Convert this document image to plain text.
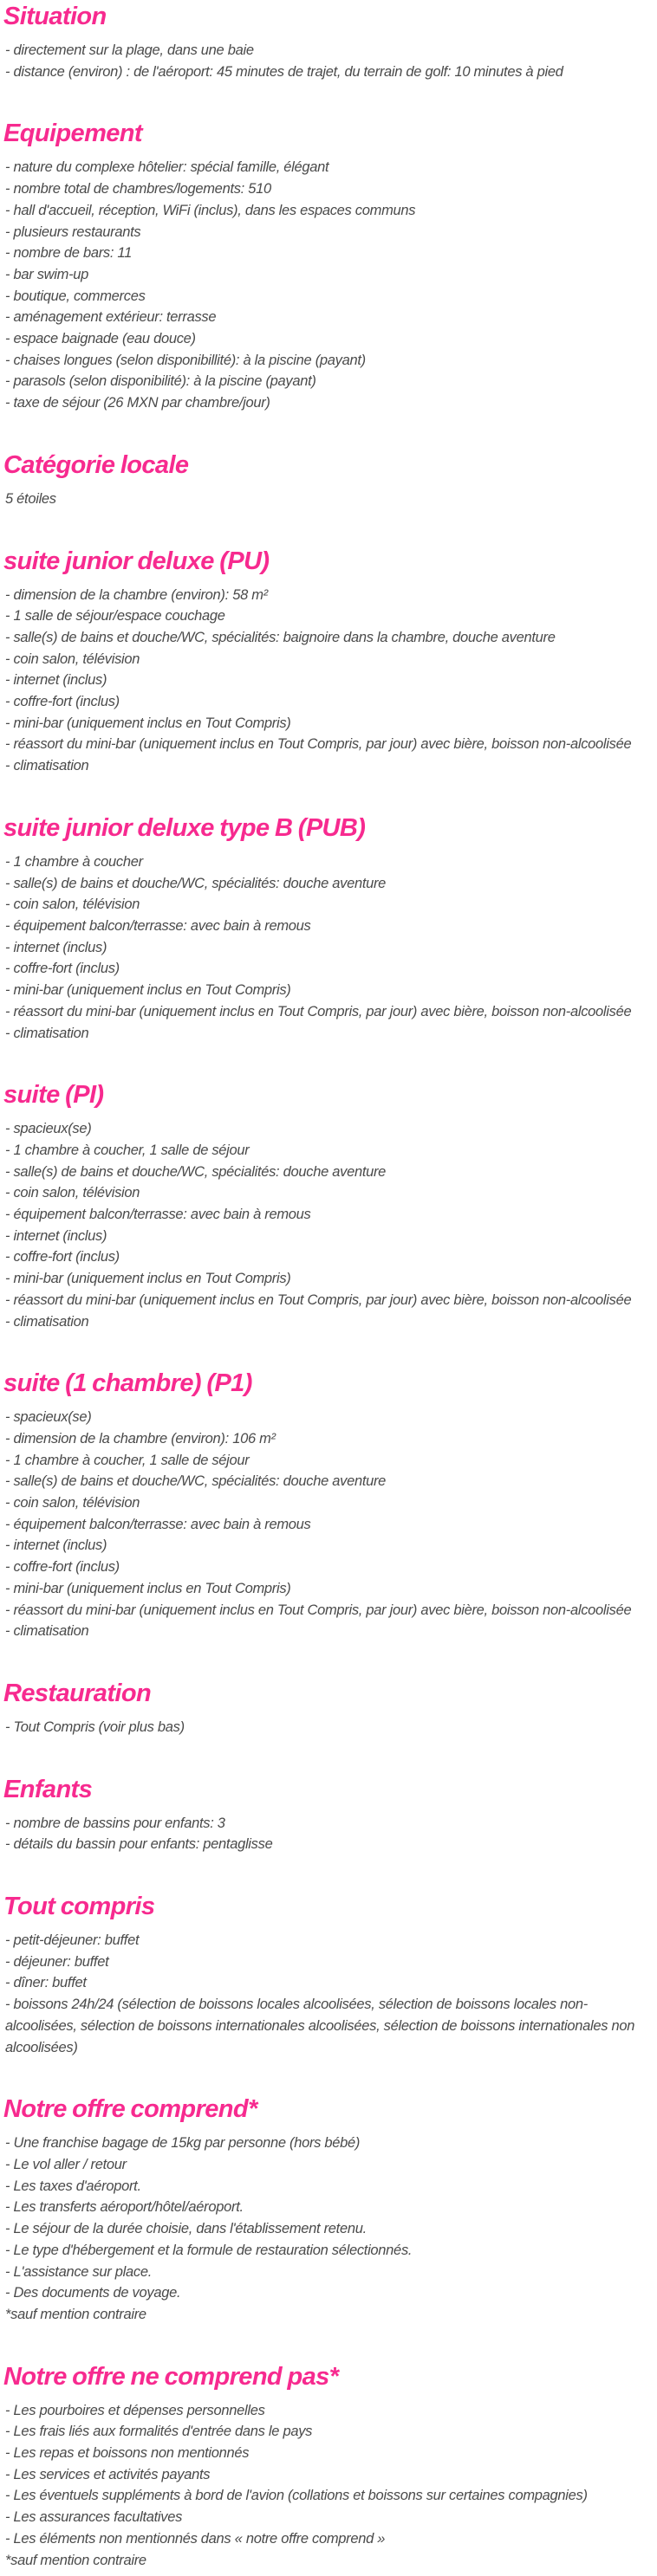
Situation

- directement sur la plage, dans une baie

- distance (environ) : de l'aéroport: 45 minutes de trajet, du terrain de golf: 10 minutes à pied

Equipement

- nature du complexe hôtelier: spécial famille, élégant

- nombre total de chambres/logements: 510

- hall d'accueil, réception, WiFi (inclus), dans les espaces communs

- plusieurs restaurants

- nombre de bars: 11

- bar swim-up

- boutique, commerces

- aménagement extérieur: terrasse

- espace baignade (eau douce)

- chaises longues (selon disponibillité): à la piscine (payant)

- parasols (selon disponibilité): à la piscine (payant)

- taxe de séjour (26 MXN par chambre/jour)

Catégorie locale

5 étoiles

suite junior deluxe (PU)

- dimension de la chambre (environ): 58 m²

- 1 salle de séjour/espace couchage

- salle(s) de bains et douche/WC, spécialités: baignoire dans la chambre, douche aventure

- coin salon, télévision

- internet (inclus)

- coffre-fort (inclus)

- mini-bar (uniquement inclus en Tout Compris)

- réassort du mini-bar (uniquement inclus en Tout Compris, par jour) avec bière, boisson non-alcoolisée

- climatisation

suite junior deluxe type B (PUB)

- 1 chambre à coucher

- salle(s) de bains et douche/WC, spécialités: douche aventure

- coin salon, télévision

- équipement balcon/terrasse: avec bain à remous

- internet (inclus)

- coffre-fort (inclus)

- mini-bar (uniquement inclus en Tout Compris)

- réassort du mini-bar (uniquement inclus en Tout Compris, par jour) avec bière, boisson non-alcoolisée

- climatisation

suite (PI)

- spacieux(se)

- 1 chambre à coucher, 1 salle de séjour

- salle(s) de bains et douche/WC, spécialités: douche aventure

- coin salon, télévision

- équipement balcon/terrasse: avec bain à remous

- internet (inclus)

- coffre-fort (inclus)

- mini-bar (uniquement inclus en Tout Compris)

- réassort du mini-bar (uniquement inclus en Tout Compris, par jour) avec bière, boisson non-alcoolisée

- climatisation

suite (1 chambre) (P1)

- spacieux(se)

- dimension de la chambre (environ): 106 m²

- 1 chambre à coucher, 1 salle de séjour

- salle(s) de bains et douche/WC, spécialités: douche aventure

- coin salon, télévision

- équipement balcon/terrasse: avec bain à remous

- internet (inclus)

- coffre-fort (inclus)

- mini-bar (uniquement inclus en Tout Compris)

- réassort du mini-bar (uniquement inclus en Tout Compris, par jour) avec bière, boisson non-alcoolisée

- climatisation

Restauration

- Tout Compris (voir plus bas)

Enfants

- nombre de bassins pour enfants: 3

- détails du bassin pour enfants: pentaglisse

Tout compris

- petit-déjeuner: buffet

- déjeuner: buffet

- dîner: buffet

- boissons 24h/24 (sélection de boissons locales alcoolisées, sélection de boissons locales non-alcoolisées, sélection de boissons internationales alcoolisées, sélection de boissons internationales non alcoolisées)

Notre offre comprend*

- Une franchise bagage de 15kg par personne (hors bébé)

- Le vol aller / retour

- Les taxes d'aéroport.

- Les transferts aéroport/hôtel/aéroport.

- Le séjour de la durée choisie, dans l'établissement retenu.

- Le type d'hébergement et la formule de restauration sélectionnés.

- L'assistance sur place.

- Des documents de voyage.

*sauf mention contraire

Notre offre ne comprend pas*

- Les pourboires et dépenses personnelles

- Les frais liés aux formalités d'entrée dans le pays

- Les repas et boissons non mentionnés

- Les services et activités payants

- Les éventuels suppléments à bord de l'avion (collations et boissons sur certaines compagnies)

- Les assurances facultatives

- Les éléments non mentionnés dans « notre offre comprend »

*sauf mention contraire
